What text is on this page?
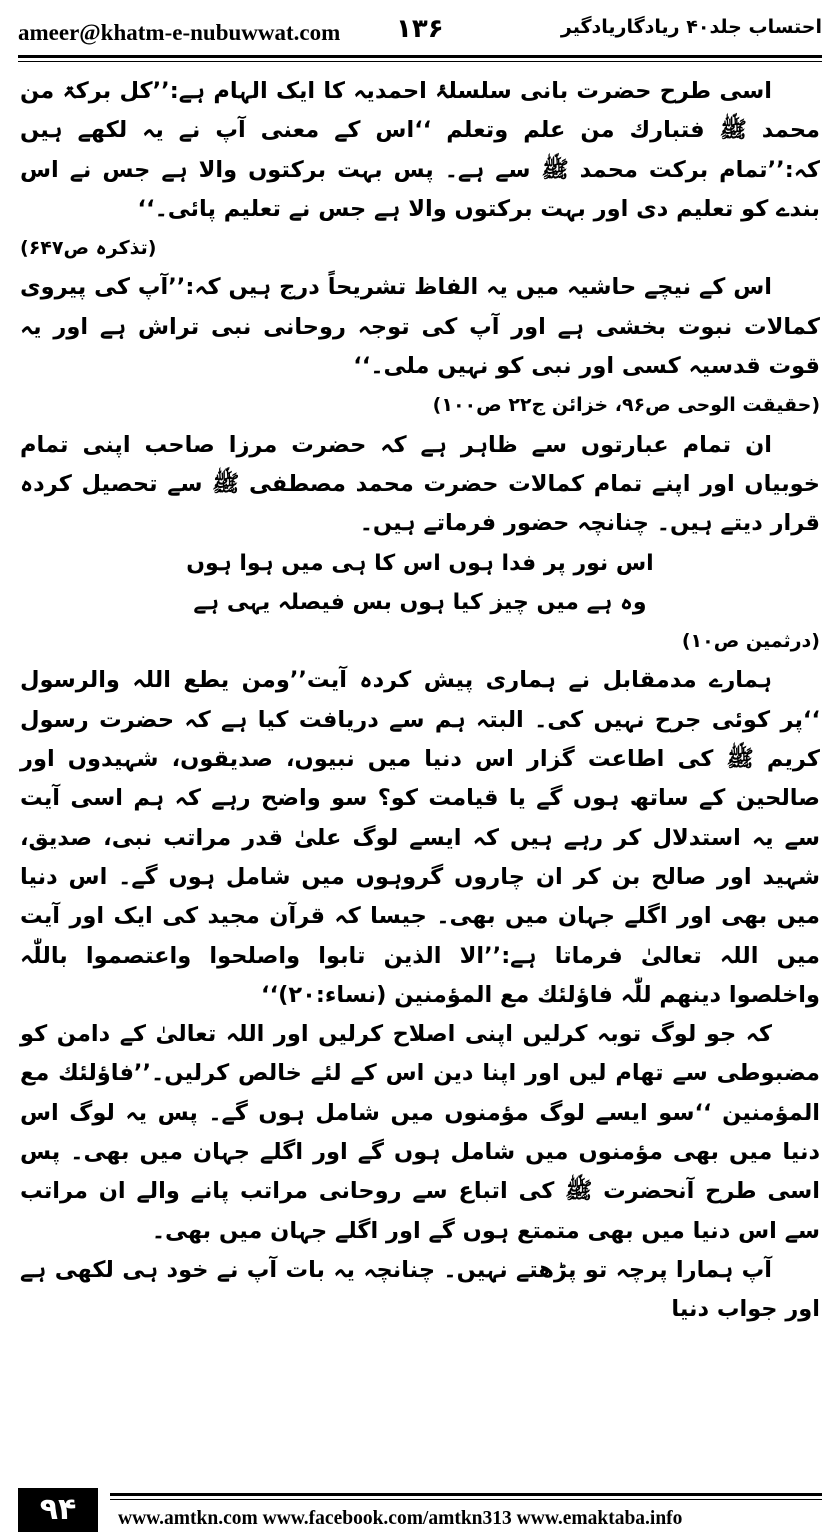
ameer@khatm-e-nubuwwat.com ۱۳۶	احتساب جلد۴۰ ریادگاریادگیر

اسی طرح حضرت بانی سلسلۂ احمدیہ کا ایک الہام ہے:’’کل برکۃ من محمد ﷺ فتبارك من علم وتعلم ‘‘اس کے معنی آپ نے یہ لکھے ہیں کہ:’’تمام برکت محمد ﷺ سے ہے۔ پس بہت برکتوں والا ہے جس نے اس بندے کو تعلیم دی اور بہت برکتوں والا ہے جس نے تعلیم پائی۔‘‘

(تذکرہ ص۶۴۷)

اس کے نیچے حاشیہ میں یہ الفاظ تشریحاً درج ہیں کہ:’’آپ کی پیروی کمالات نبوت بخشی ہے اور آپ کی توجہ روحانی نبی تراش ہے اور یہ قوت قدسیہ کسی اور نبی کو نہیں ملی۔‘‘

(حقیقت الوحی ص۹۶، خزائن ج۲۲ ص۱۰۰)

ان تمام عبارتوں سے ظاہر ہے کہ حضرت مرزا صاحب اپنی تمام خوبیاں اور اپنے تمام کمالات حضرت محمد مصطفی ﷺ سے تحصیل کردہ قرار دیتے ہیں۔ چنانچہ حضور فرماتے ہیں۔

اس نور پر فدا ہوں اس کا ہی میں ہوا ہوں

وہ ہے میں چیز کیا ہوں بس فیصلہ یہی ہے

(درثمین ص۱۰)

ہمارے مدمقابل نے ہماری پیش کردہ آیت’’ومن یطع اللہ والرسول ‘‘پر کوئی جرح نہیں کی۔ البتہ ہم سے دریافت کیا ہے کہ حضرت رسول کریم ﷺ کی اطاعت گزار اس دنیا میں نبیوں، صدیقوں، شہیدوں اور صالحین کے ساتھ ہوں گے یا قیامت کو؟ سو واضح رہے کہ ہم اسی آیت سے یہ استدلال کر رہے ہیں کہ ایسے لوگ علیٰ قدر مراتب نبی، صدیق، شہید اور صالح بن کر ان چاروں گروہوں میں شامل ہوں گے۔ اس دنیا میں بھی اور اگلے جہان میں بھی۔ جیسا کہ قرآن مجید کی ایک اور آیت میں اللہ تعالیٰ فرماتا ہے:’’الا الذین تابوا واصلحوا واعتصموا باللّٰہ واخلصوا دینھم للّٰہ فاؤلئك مع المؤمنین (نساء:۲۰)‘‘

کہ جو لوگ توبہ کرلیں اپنی اصلاح کرلیں اور اللہ تعالیٰ کے دامن کو مضبوطی سے تھام لیں اور اپنا دین اس کے لئے خالص کرلیں۔’’فاؤلئك مع المؤمنین ‘‘سو ایسے لوگ مؤمنوں میں شامل ہوں گے۔ پس یہ لوگ اس دنیا میں بھی مؤمنوں میں شامل ہوں گے اور اگلے جہان میں بھی۔ پس اسی طرح آنحضرت ﷺ کی اتباع سے روحانی مراتب پانے والے ان مراتب سے اس دنیا میں بھی متمتع ہوں گے اور اگلے جہان میں بھی۔

آپ ہمارا پرچہ تو پڑھتے نہیں۔ چنانچہ یہ بات آپ نے خود ہی لکھی ہے اور جواب دنیا

۹۴	www.amtkn.com www.facebook.com/amtkn313 www.emaktaba.info
